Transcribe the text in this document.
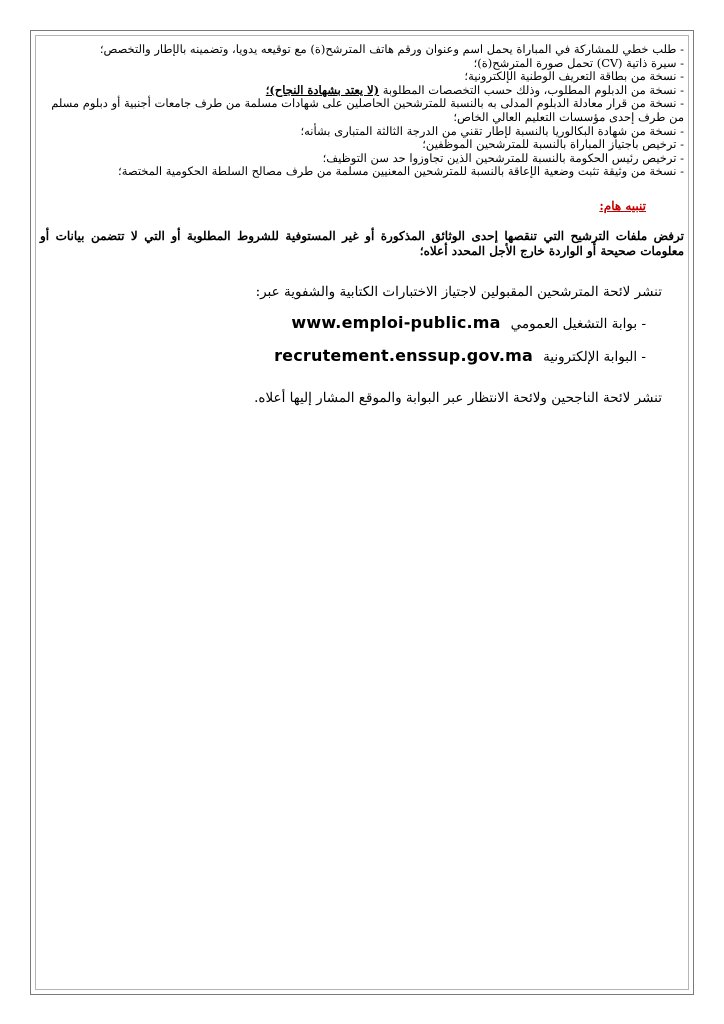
- طلب خطي للمشاركة في المباراة يحمل اسم وعنوان ورقم هاتف المترشح(ة) مع توقيعه يدويا، وتضمينه بالإطار والتخصص؛
- سيرة ذاتية (CV) تحمل صورة المترشح(ة)؛
- نسخة من بطاقة التعريف الوطنية الإلكترونية؛
- نسخة من الدبلوم المطلوب، وذلك حسب التخصصات المطلوبة (لا يعتد بشهادة النجاح)؛
- نسخة من قرار معادلة الدبلوم المدلى به بالنسبة للمترشحين الحاصلين على شهادات مسلمة من طرف جامعات أجنبية أو دبلوم مسلم من طرف إحدى مؤسسات التعليم العالي الخاص؛
- نسخة من شهادة البكالوريا بالنسبة لإطار تقني من الدرجة الثالثة المتبارى بشأنه؛
- ترخيص باجتياز المباراة بالنسبة للمترشحين الموظفين؛
- ترخيص رئيس الحكومة بالنسبة للمترشحين الذين تجاوزوا حد سن التوظيف؛
- نسخة من وثيقة تثبت وضعية الإعاقة بالنسبة للمترشحين المعنيين مسلمة من طرف مصالح السلطة الحكومية المختصة؛
تنبيه هام:
ترفض ملفات الترشيح التي تنقصها إحدى الوثائق المذكورة أو غير المستوفية للشروط المطلوبة أو التي لا تتضمن بيانات أو معلومات صحيحة أو الواردة خارج الأجل المحدد أعلاه؛
تنشر لائحة المترشحين المقبولين لاجتياز الاختبارات الكتابية والشفوية عبر:
- بوابة التشغيل العمومي
www.emploi-public.ma
- البوابة الإلكترونية
recrutement.enssup.gov.ma
تنشر لائحة الناجحين ولائحة الانتظار عبر البوابة والموقع المشار إليها أعلاه.
